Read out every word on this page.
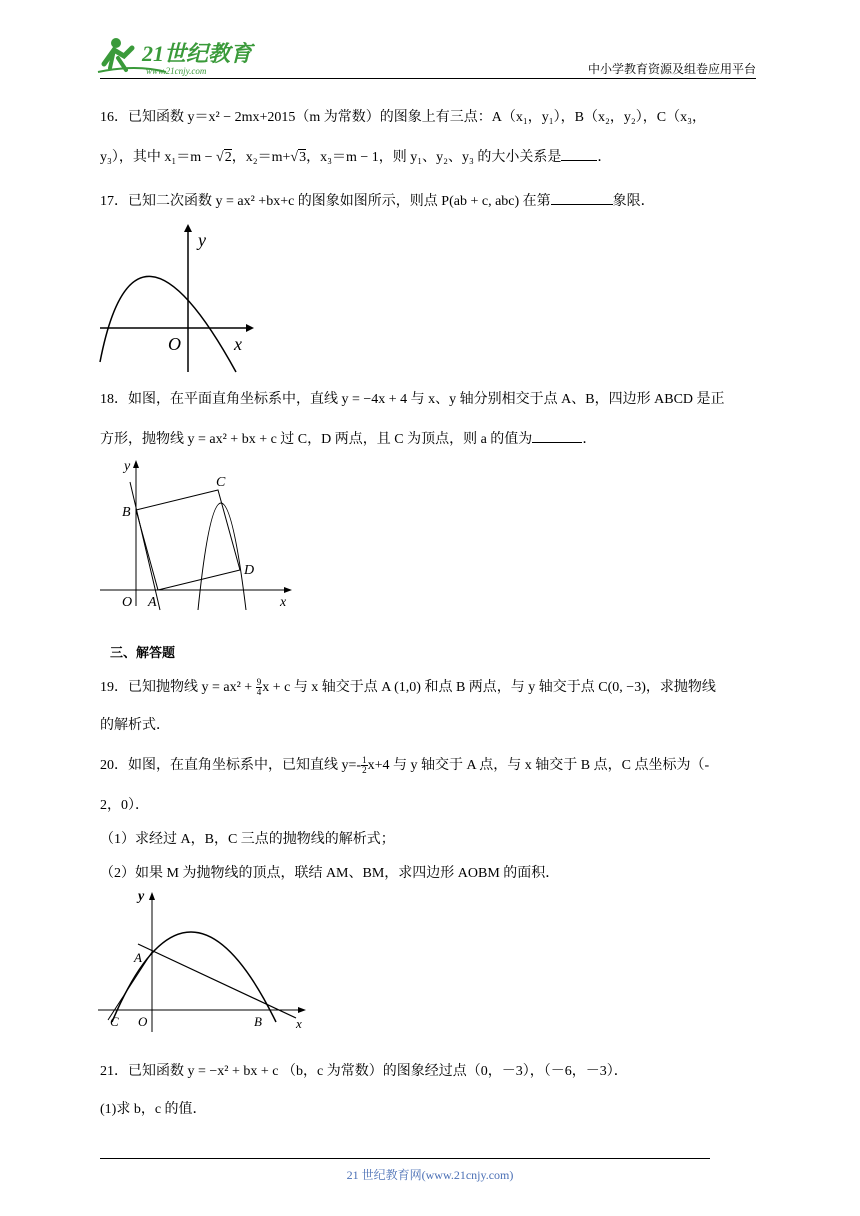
21世纪教育
www.21cnjy.com	中小学教育资源及组卷应用平台
16．已知函数 y＝x² − 2mx+2015（m 为常数）的图象上有三点：A（x₁，y₁），B（x₂，y₂），C（x₃，
y₃），其中 x₁＝m − √2，x₂＝m+√3，x₃＝m − 1，则 y₁、y₂、y₃ 的大小关系是	．
17．已知二次函数 y = ax² +bx+c 的图象如图所示，则点 P(ab + c, abc) 在第	象限．
y
x
O
18．如图，在平面直角坐标系中，直线 y = −4x + 4 与 x、y 轴分别相交于点 A、B，四边形 ABCD 是正
方形，抛物线 y = ax² + bx + c 过 C，D 两点，且 C 为顶点，则 a 的值为	．
y
x
O A
B
C
D
三、解答题
19．已知抛物线 $y = ax^2 + \frac{9}{4}$ x + c 与 x 轴交于点 A (1,0) 和点 B 两点，与 y 轴交于点 C(0, −3)，求抛物线
的解析式．
20．如图，在直角坐标系中，已知直线 $y=- \frac{1}{2} x+4$ 与 y 轴交于 A 点，与 x 轴交于 B 点，C 点坐标为（-
2，0）．
（1）求经过 A，B，C 三点的抛物线的解析式；
（2）如果 M 为抛物线的顶点，联结 AM、BM，求四边形 AOBM 的面积．
y
x
O
A
B
C
21．已知函数 y = −x² + bx + c （b，c 为常数）的图象经过点（0，－3），（－6，－3）．
(1)求 b，c 的值．
21 世纪教育网(www.21cnjy.com)
